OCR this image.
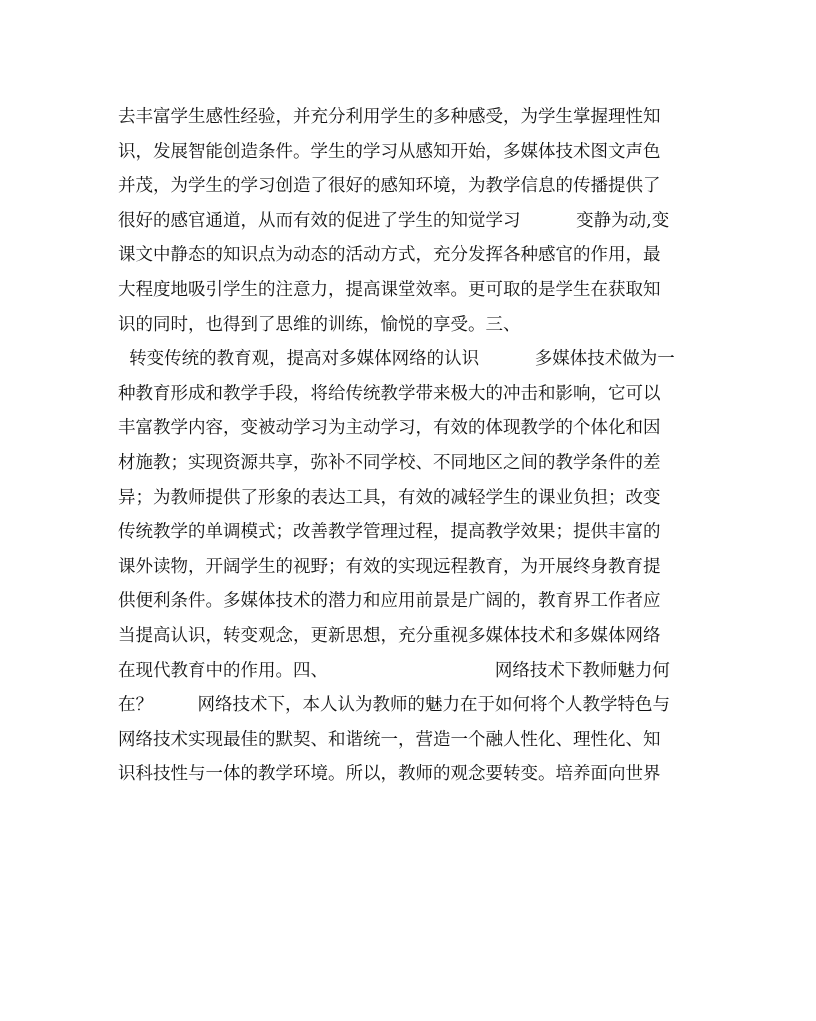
去丰富学生感性经验，并充分利用学生的多种感受，为学生掌握理性知
识，发展智能创造条件。学生的学习从感知开始，多媒体技术图文声色
并茂，为学生的学习创造了很好的感知环境，为教学信息的传播提供了
很好的感官通道，从而有效的促进了学生的知觉学习          变静为动,变
课文中静态的知识点为动态的活动方式，充分发挥各种感官的作用，最
大程度地吸引学生的注意力，提高课堂效率。更可取的是学生在获取知
识的同时，也得到了思维的训练，愉悦的享受。三、
转变传统的教育观，提高对多媒体网络的认识          多媒体技术做为一
种教育形成和教学手段，将给传统教学带来极大的冲击和影响，它可以
丰富教学内容，变被动学习为主动学习，有效的体现教学的个体化和因
材施教；实现资源共享，弥补不同学校、不同地区之间的教学条件的差
异；为教师提供了形象的表达工具，有效的减轻学生的课业负担；改变
传统教学的单调模式；改善教学管理过程，提高教学效果；提供丰富的
课外读物，开阔学生的视野；有效的实现远程教育，为开展终身教育提
供便利条件。多媒体技术的潜力和应用前景是广阔的，教育界工作者应
当提高认识，转变观念，更新思想，充分重视多媒体技术和多媒体网络
在现代教育中的作用。四、                              网络技术下教师魅力何
在？        网络技术下，本人认为教师的魅力在于如何将个人教学特色与
网络技术实现最佳的默契、和谐统一，营造一个融人性化、理性化、知
识科技性与一体的教学环境。所以，教师的观念要转变。培养面向世界
